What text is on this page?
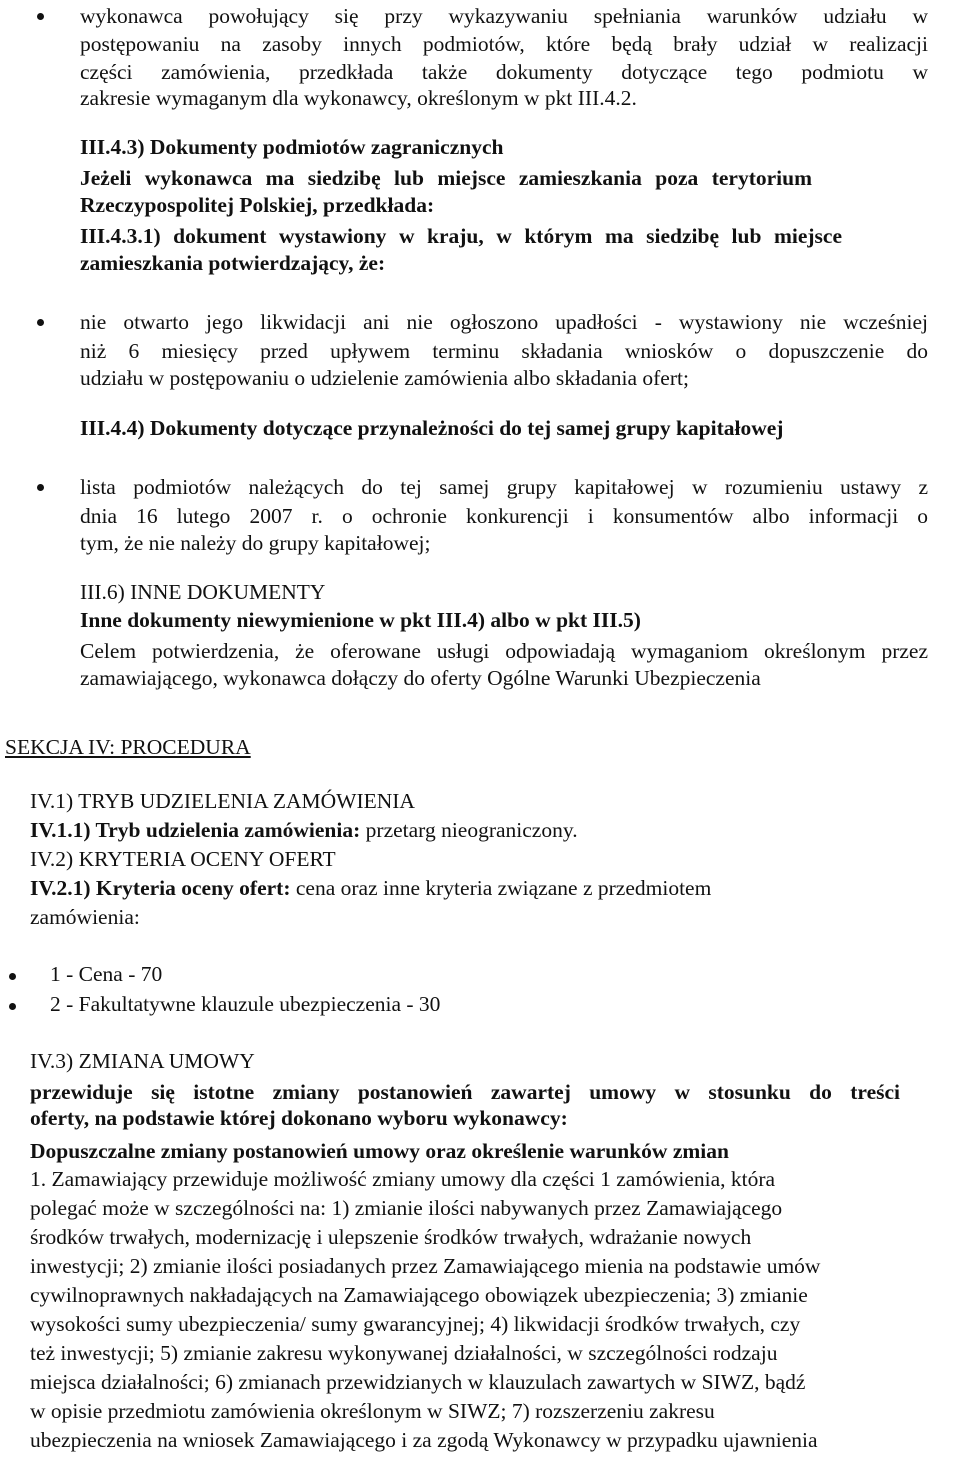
wykonawca powołujący się przy wykazywaniu spełniania warunków udziału w
postępowaniu na zasoby innych podmiotów, które będą brały udział w realizacji
części zamówienia, przedkłada także dokumenty dotyczące tego podmiotu w
zakresie wymaganym dla wykonawcy, określonym w pkt III.4.2.
III.4.3) Dokumenty podmiotów zagranicznych
Jeżeli wykonawca ma siedzibę lub miejsce zamieszkania poza terytorium
Rzeczypospolitej Polskiej, przedkłada:
III.4.3.1) dokument wystawiony w kraju, w którym ma siedzibę lub miejsce
zamieszkania potwierdzający, że:
nie otwarto jego likwidacji ani nie ogłoszono upadłości - wystawiony nie wcześniej
niż 6 miesięcy przed upływem terminu składania wniosków o dopuszczenie do
udziału w postępowaniu o udzielenie zamówienia albo składania ofert;
III.4.4) Dokumenty dotyczące przynależności do tej samej grupy kapitałowej
lista podmiotów należących do tej samej grupy kapitałowej w rozumieniu ustawy z
dnia 16 lutego 2007 r. o ochronie konkurencji i konsumentów albo informacji o
tym, że nie należy do grupy kapitałowej;
III.6) INNE DOKUMENTY
Inne dokumenty niewymienione w pkt III.4) albo w pkt III.5)
Celem potwierdzenia, że oferowane usługi odpowiadają wymaganiom określonym przez
zamawiającego, wykonawca dołączy do oferty Ogólne Warunki Ubezpieczenia
SEKCJA IV: PROCEDURA
IV.1) TRYB UDZIELENIA ZAMÓWIENIA
IV.1.1) Tryb udzielenia zamówienia: przetarg nieograniczony.
IV.2) KRYTERIA OCENY OFERT
IV.2.1) Kryteria oceny ofert: cena oraz inne kryteria związane z przedmiotem
zamówienia:
1 - Cena - 70
2 - Fakultatywne klauzule ubezpieczenia - 30
IV.3) ZMIANA UMOWY
przewiduje się istotne zmiany postanowień zawartej umowy w stosunku do treści
oferty, na podstawie której dokonano wyboru wykonawcy:
Dopuszczalne zmiany postanowień umowy oraz określenie warunków zmian
1. Zamawiający przewiduje możliwość zmiany umowy dla części 1 zamówienia, która
polegać może w szczególności na: 1) zmianie ilości nabywanych przez Zamawiającego
środków trwałych, modernizację i ulepszenie środków trwałych, wdrażanie nowych
inwestycji; 2) zmianie ilości posiadanych przez Zamawiającego mienia na podstawie umów
cywilnoprawnych nakładających na Zamawiającego obowiązek ubezpieczenia; 3) zmianie
wysokości sumy ubezpieczenia/ sumy gwarancyjnej; 4) likwidacji środków trwałych, czy
też inwestycji; 5) zmianie zakresu wykonywanej działalności, w szczególności rodzaju
miejsca działalności; 6) zmianach przewidzianych w klauzulach zawartych w SIWZ, bądź
w opisie przedmiotu zamówienia określonym w SIWZ; 7) rozszerzeniu zakresu
ubezpieczenia na wniosek Zamawiającego i za zgodą Wykonawcy w przypadku ujawnienia
